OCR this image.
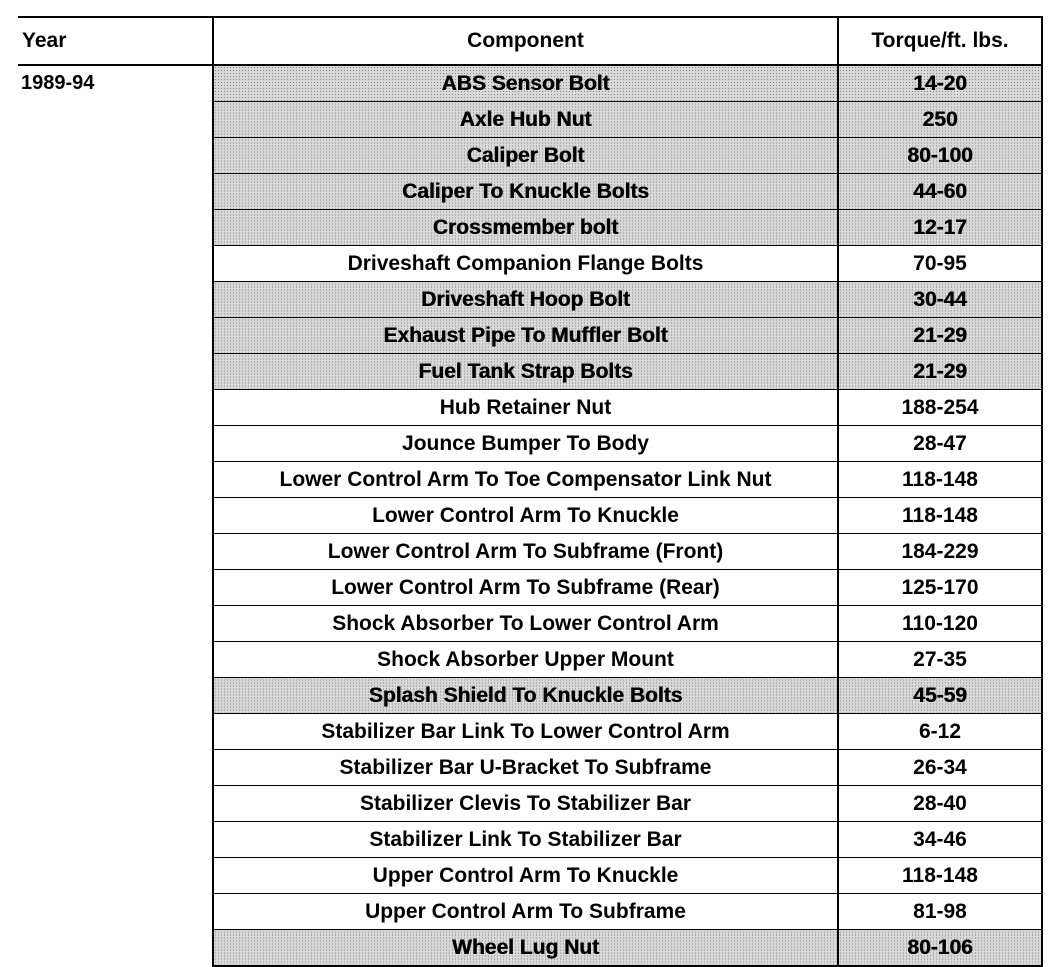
Year	Component	Torque/ft. lbs.
1989-94	ABS Sensor Bolt	14-20
	Axle Hub Nut	250
	Caliper Bolt	80-100
	Caliper To Knuckle Bolts	44-60
	Crossmember bolt	12-17
	Driveshaft Companion Flange Bolts	70-95
	Driveshaft Hoop Bolt	30-44
	Exhaust Pipe To Muffler Bolt	21-29
	Fuel Tank Strap Bolts	21-29
	Hub Retainer Nut	188-254
	Jounce Bumper To Body	28-47
	Lower Control Arm To Toe Compensator Link Nut	118-148
	Lower Control Arm To Knuckle	118-148
	Lower Control Arm To Subframe (Front)	184-229
	Lower Control Arm To Subframe (Rear)	125-170
	Shock Absorber To Lower Control Arm	110-120
	Shock Absorber Upper Mount	27-35
	Splash Shield To Knuckle Bolts	45-59
	Stabilizer Bar Link To Lower Control Arm	6-12
	Stabilizer Bar U-Bracket To Subframe	26-34
	Stabilizer Clevis To Stabilizer Bar	28-40
	Stabilizer Link To Stabilizer Bar	34-46
	Upper Control Arm To Knuckle	118-148
	Upper Control Arm To Subframe	81-98
	Wheel Lug Nut	80-106
